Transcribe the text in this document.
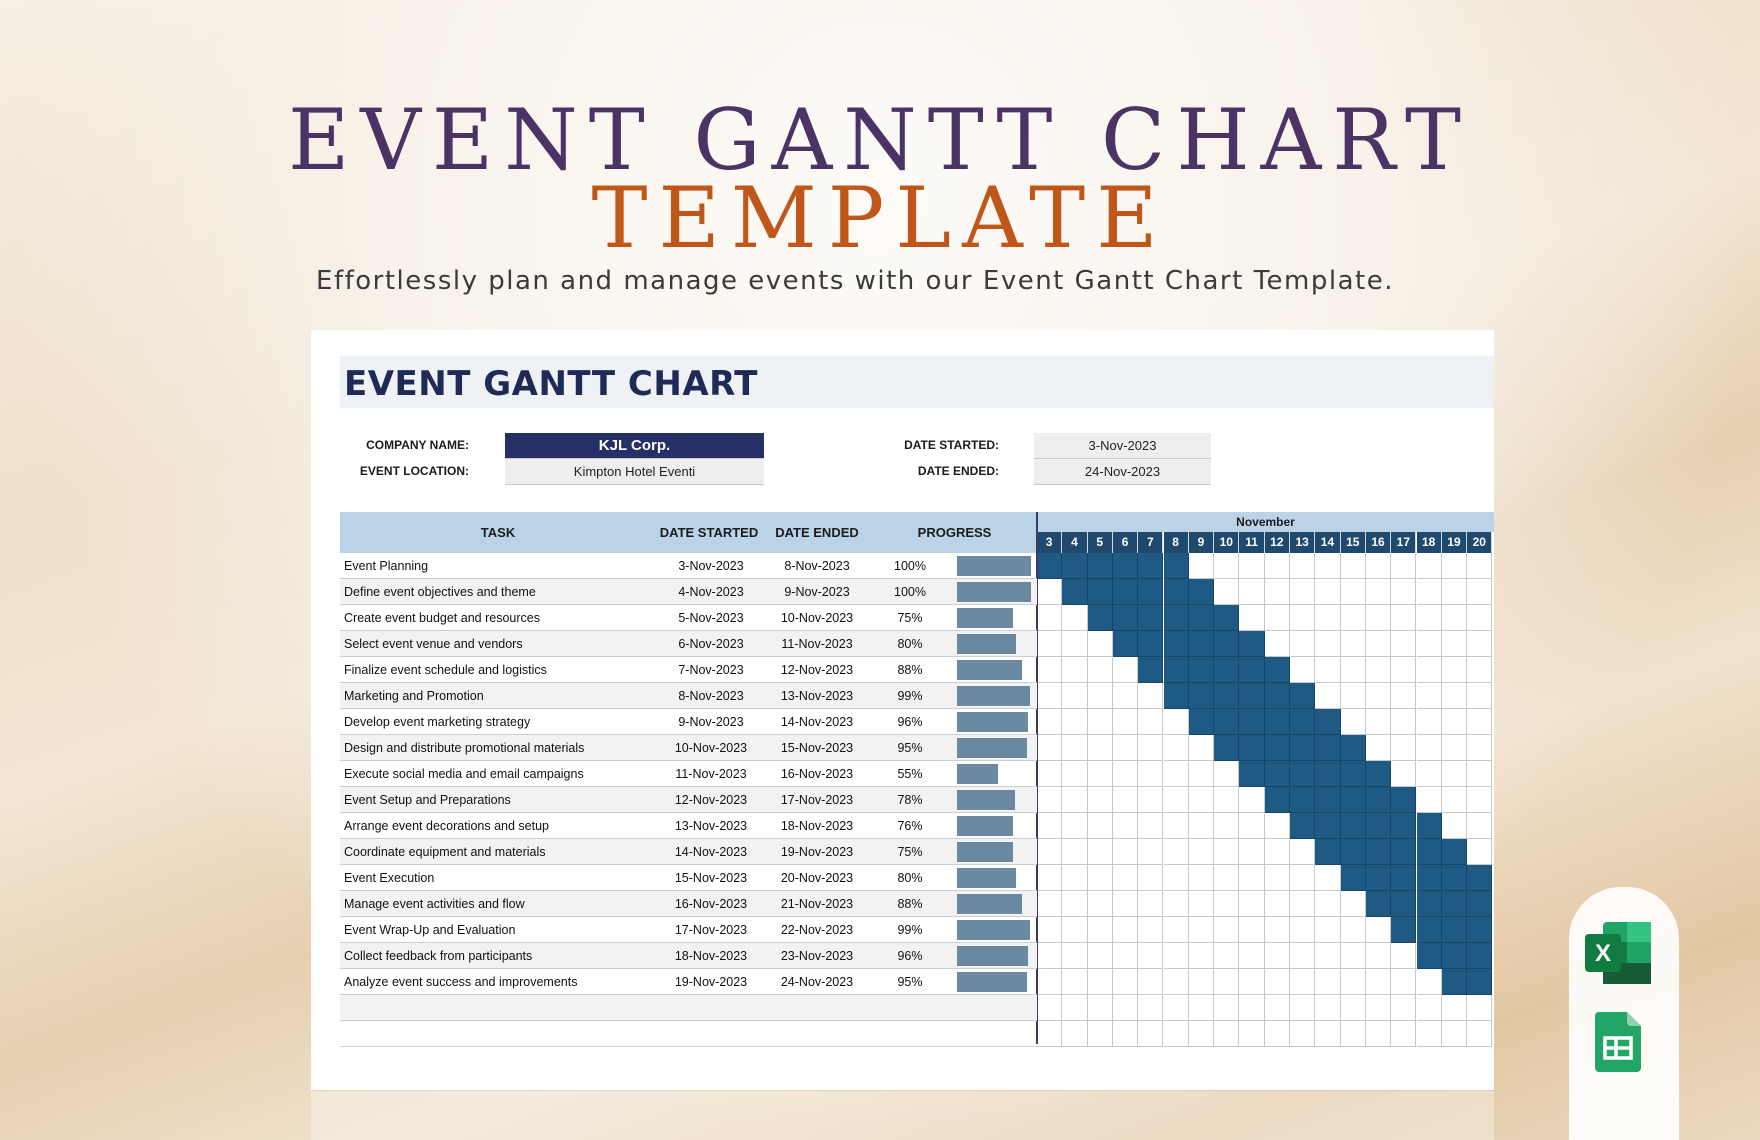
EVENT GANTT CHART
TEMPLATE
Effortlessly plan and manage events with our Event Gantt Chart Template.
EVENT GANTT CHART
COMPANY NAME:	KJL Corp.
EVENT LOCATION:	Kimpton Hotel Eventi
DATE STARTED:	3-Nov-2023
DATE ENDED:	24-Nov-2023
TASK	DATE STARTED	DATE ENDED	PROGRESS
November
3	4	5	6	7	8	9	10	11	12 13 14 15 16 17 18 19 20
Event Planning	3-Nov-2023	8-Nov-2023	100%
Define event objectives and theme	4-Nov-2023	9-Nov-2023	100%
Create event budget and resources	5-Nov-2023	10-Nov-2023	75%
Select event venue and vendors	6-Nov-2023	11-Nov-2023	80%
Finalize event schedule and logistics	7-Nov-2023	12-Nov-2023	88%
Marketing and Promotion	8-Nov-2023	13-Nov-2023	99%
Develop event marketing strategy	9-Nov-2023	14-Nov-2023	96%
Design and distribute promotional materials	10-Nov-2023	15-Nov-2023	95%
Execute social media and email campaigns	11-Nov-2023	16-Nov-2023	55%
Event Setup and Preparations	12-Nov-2023	17-Nov-2023	78%
Arrange event decorations and setup	13-Nov-2023	18-Nov-2023	76%
Coordinate equipment and materials	14-Nov-2023	19-Nov-2023	75%
Event Execution	15-Nov-2023	20-Nov-2023	80%
Manage event activities and flow	16-Nov-2023	21-Nov-2023	88%
Event Wrap-Up and Evaluation	17-Nov-2023	22-Nov-2023	99%
Collect feedback from participants	18-Nov-2023	23-Nov-2023	96%
Analyze event success and improvements	19-Nov-2023	24-Nov-2023	95%
X
